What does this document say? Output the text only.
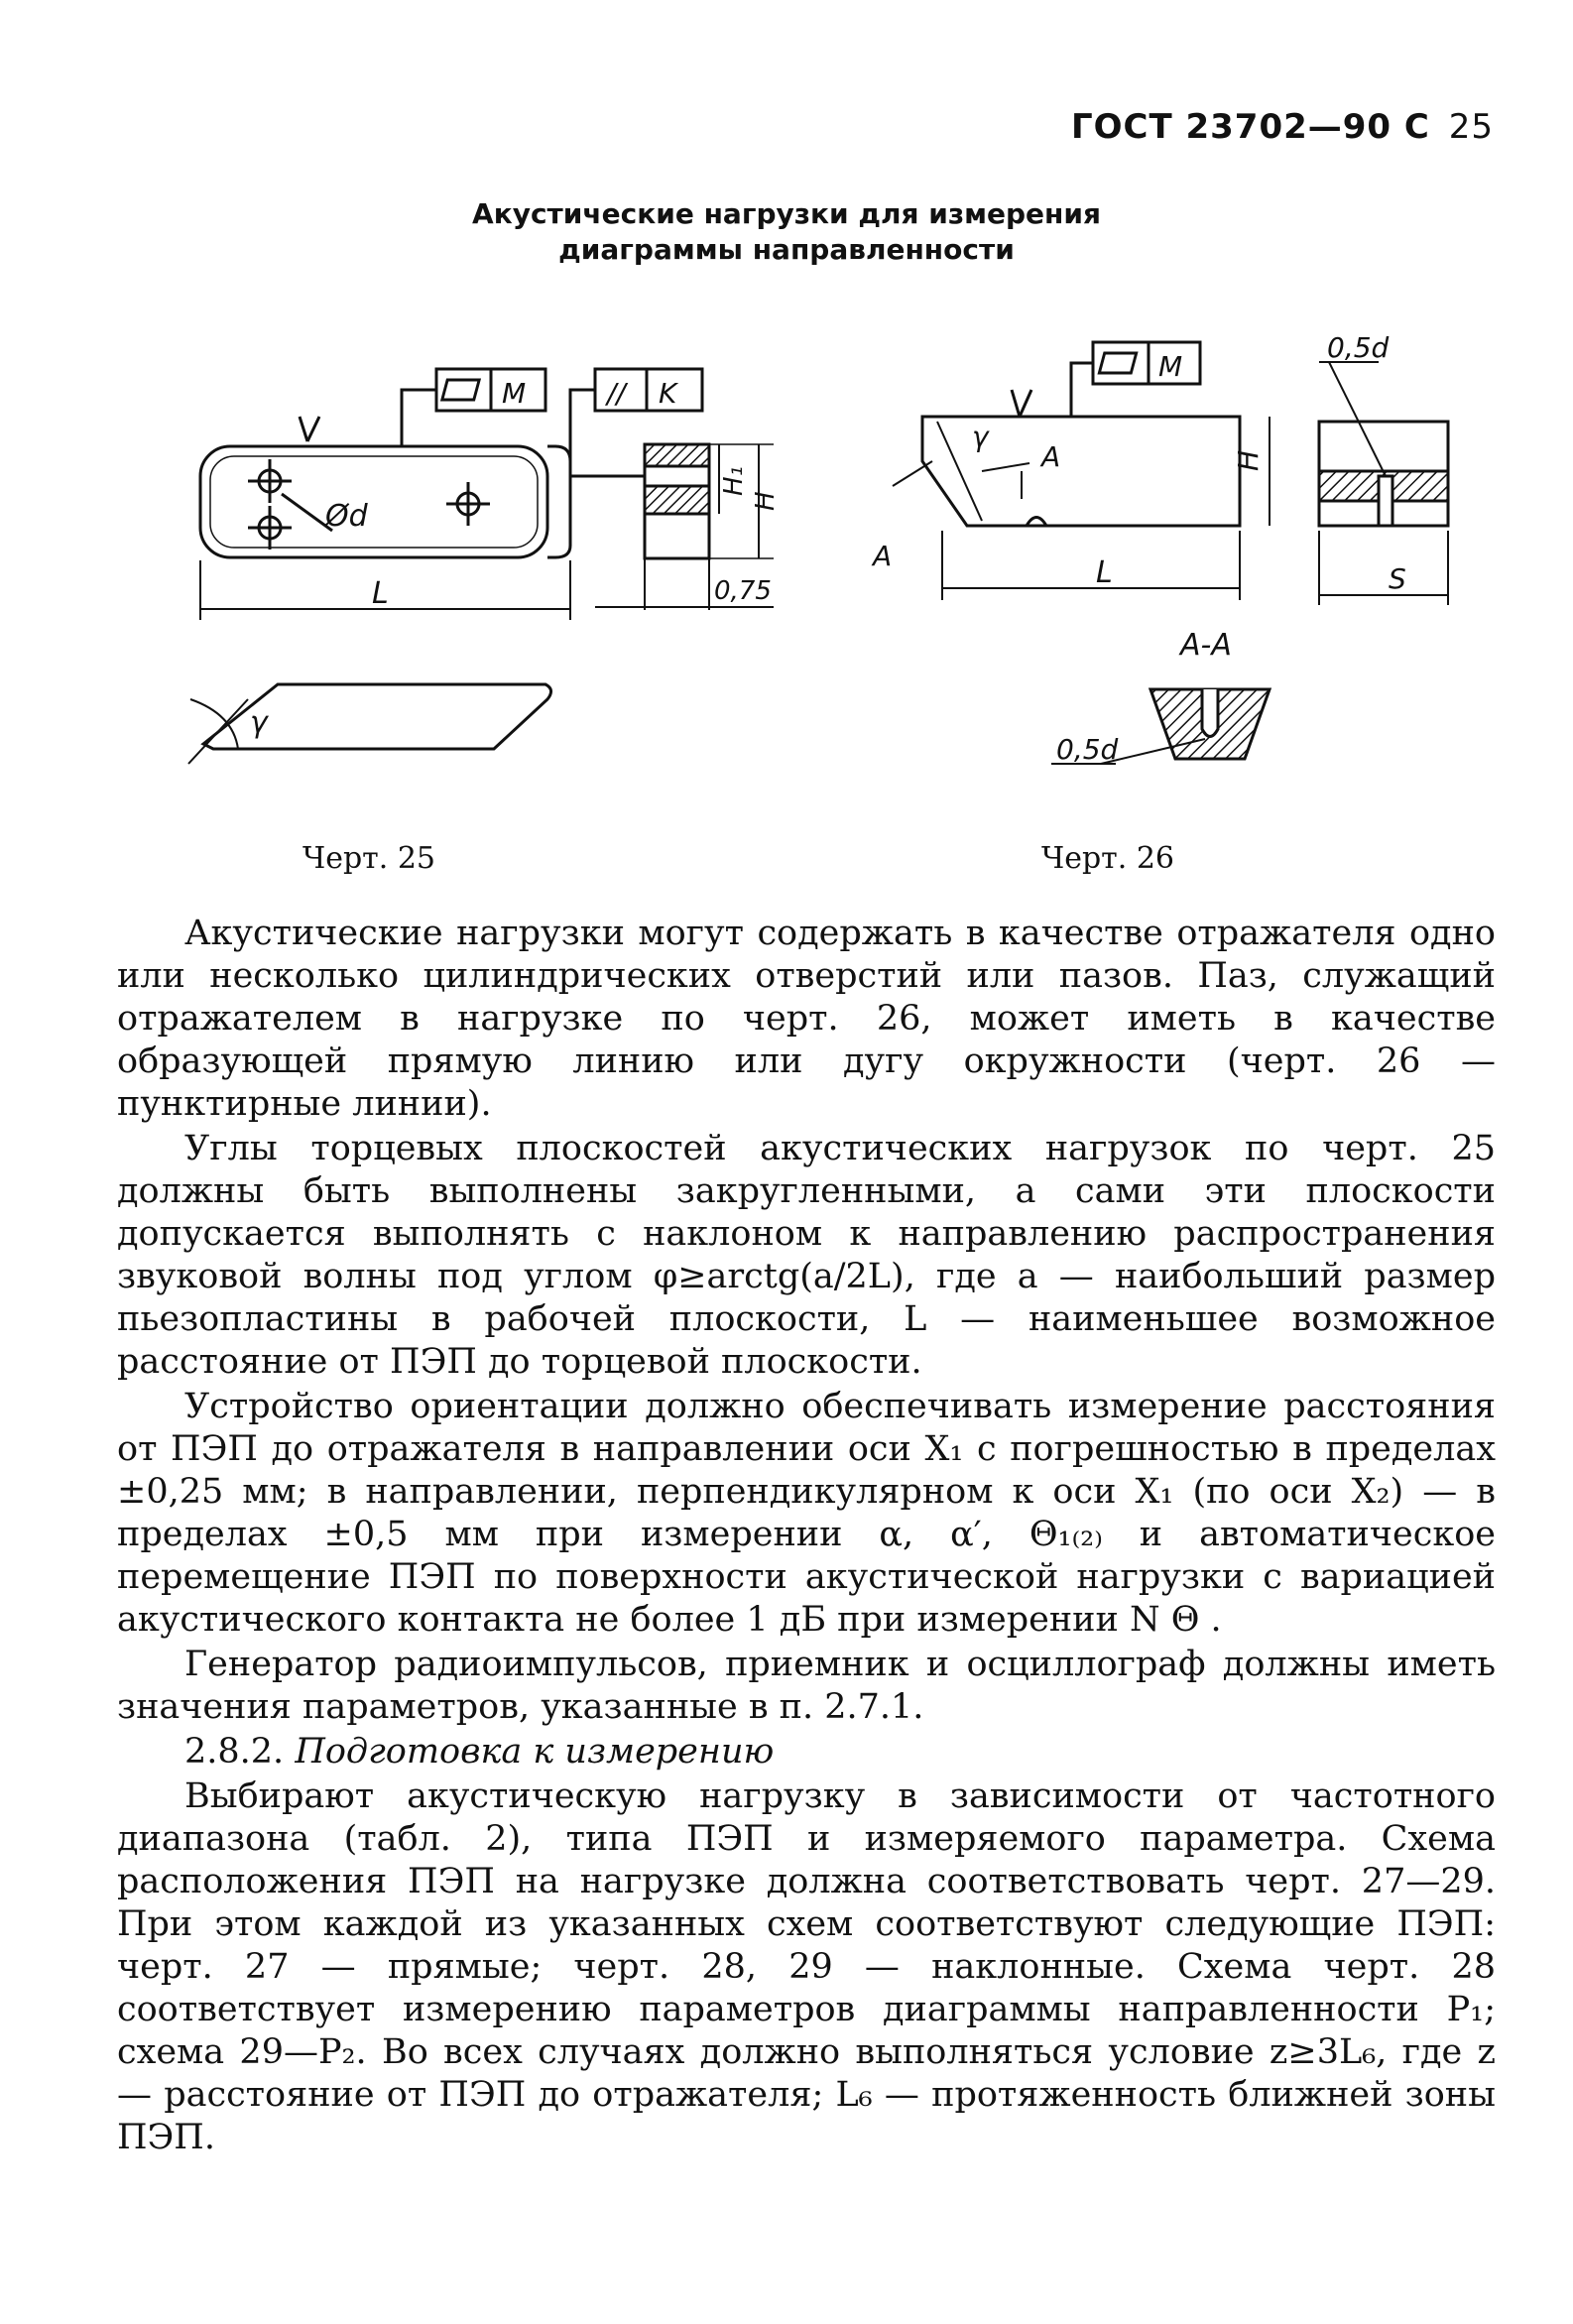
ГОСТ 23702—90 С 25
Акустические нагрузки для измерения
диаграммы направленности
Ød
M
L
// K
H₁
H
0,75
γ
Черт. 25
M
γ
A
A	L
H
0,5d
S
А-А
0,5d
Черт. 26

Акустические нагрузки могут содержать в качестве отражателя одно или несколько цилиндрических отверстий или пазов. Паз, служащий отражателем в нагрузке по черт. 26, может иметь в качестве образующей прямую линию или дугу окружности (черт. 26 — пунктирные линии).

Углы торцевых плоскостей акустических нагрузок по черт. 25 должны быть выполнены закругленными, а сами эти плоскости допускается выполнять с наклоном к направлению распространения звуковой волны под углом φ≥arctg(a/2L), где a — наибольший размер пьезопластины в рабочей плоскости, L — наименьшее возможное расстояние от ПЭП до торцевой плоскости.

Устройство ориентации должно обеспечивать измерение расстояния от ПЭП до отражателя в направлении оси X₁ с погрешностью в пределах ±0,25 мм; в направлении, перпендикулярном к оси X₁ (по оси X₂) — в пределах ±0,5 мм при измерении α, α′, Θ₁₍₂₎ и автоматическое перемещение ПЭП по поверхности акустической нагрузки с вариацией акустического контакта не более 1 дБ при измерении N Θ .

Генератор радиоимпульсов, приемник и осциллограф должны иметь значения параметров, указанные в п. 2.7.1.

2.8.2. Подготовка к измерению

Выбирают акустическую нагрузку в зависимости от частотного диапазона (табл. 2), типа ПЭП и измеряемого параметра. Схема расположения ПЭП на нагрузке должна соответствовать черт. 27—29. При этом каждой из указанных схем соответствуют следующие ПЭП: черт. 27 — прямые; черт. 28, 29 — наклонные. Схема черт. 28 соответствует измерению параметров диаграммы направленности P₁; схема 29—P₂. Во всех случаях должно выполняться условие z≥3L₆, где z — расстояние от ПЭП до отражателя; L₆ — протяженность ближней зоны ПЭП.
